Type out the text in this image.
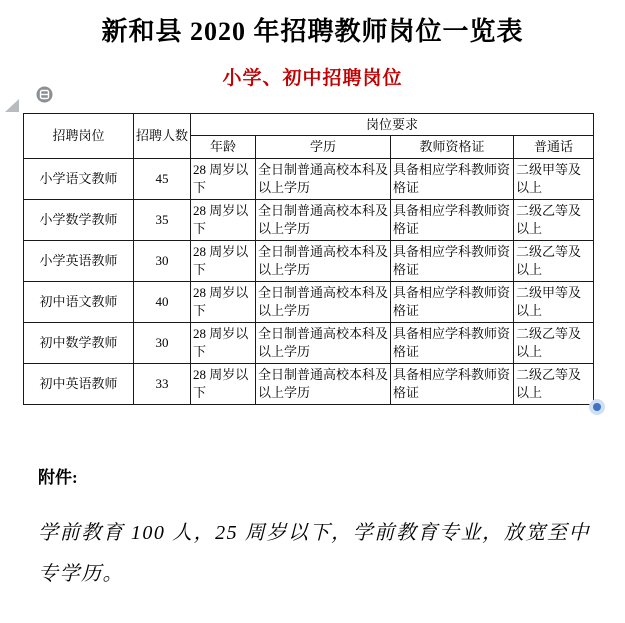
新和县 2020 年招聘教师岗位一览表
小学、初中招聘岗位
招聘岗位	招聘人数	岗位要求			
		年龄	学历	教师资格证	普通话
小学语文教师	45	28 周岁以下	全日制普通高校本科及以上学历	具备相应学科教师资格证	二级甲等及以上
小学数学教师	35	28 周岁以下	全日制普通高校本科及以上学历	具备相应学科教师资格证	二级乙等及以上
小学英语教师	30	28 周岁以下	全日制普通高校本科及以上学历	具备相应学科教师资格证	二级乙等及以上
初中语文教师	40	28 周岁以下	全日制普通高校本科及以上学历	具备相应学科教师资格证	二级甲等及以上
初中数学教师	30	28 周岁以下	全日制普通高校本科及以上学历	具备相应学科教师资格证	二级乙等及以上
初中英语教师	33	28 周岁以下	全日制普通高校本科及以上学历	具备相应学科教师资格证	二级乙等及以上
附件:
学前教育 100 人，25 周岁以下，学前教育专业，放宽至中专学历。
